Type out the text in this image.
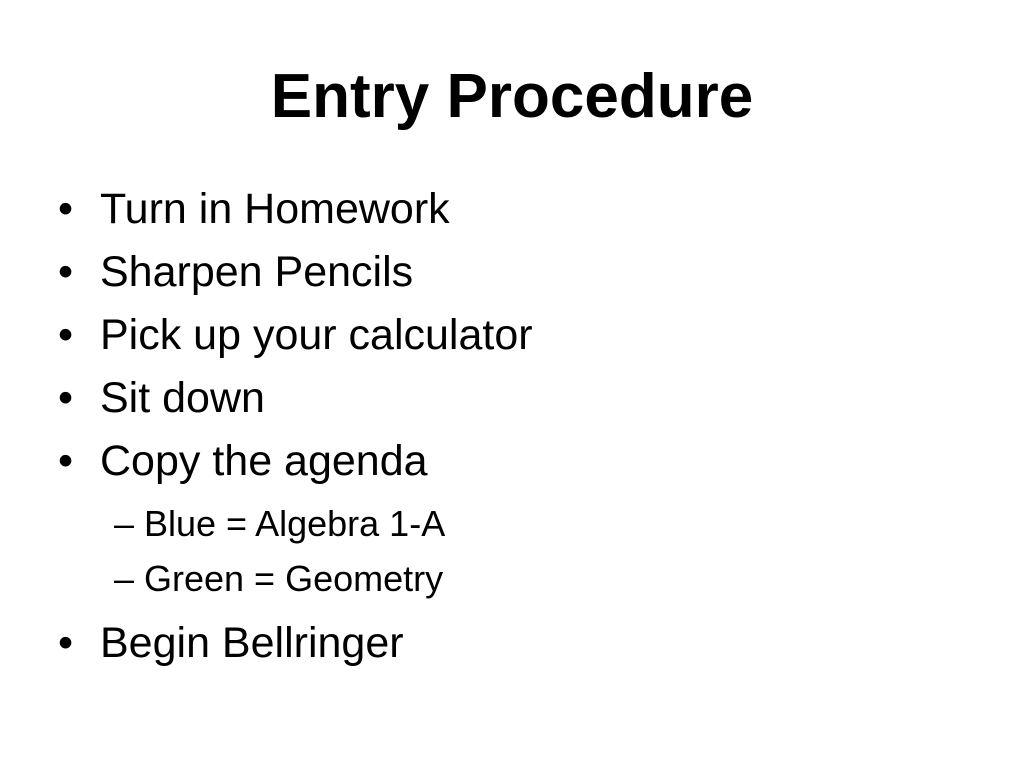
Entry Procedure
• Turn in Homework
• Sharpen Pencils
• Pick up your calculator
• Sit down
• Copy the agenda
– Blue = Algebra 1-A
– Green = Geometry
• Begin Bellringer
